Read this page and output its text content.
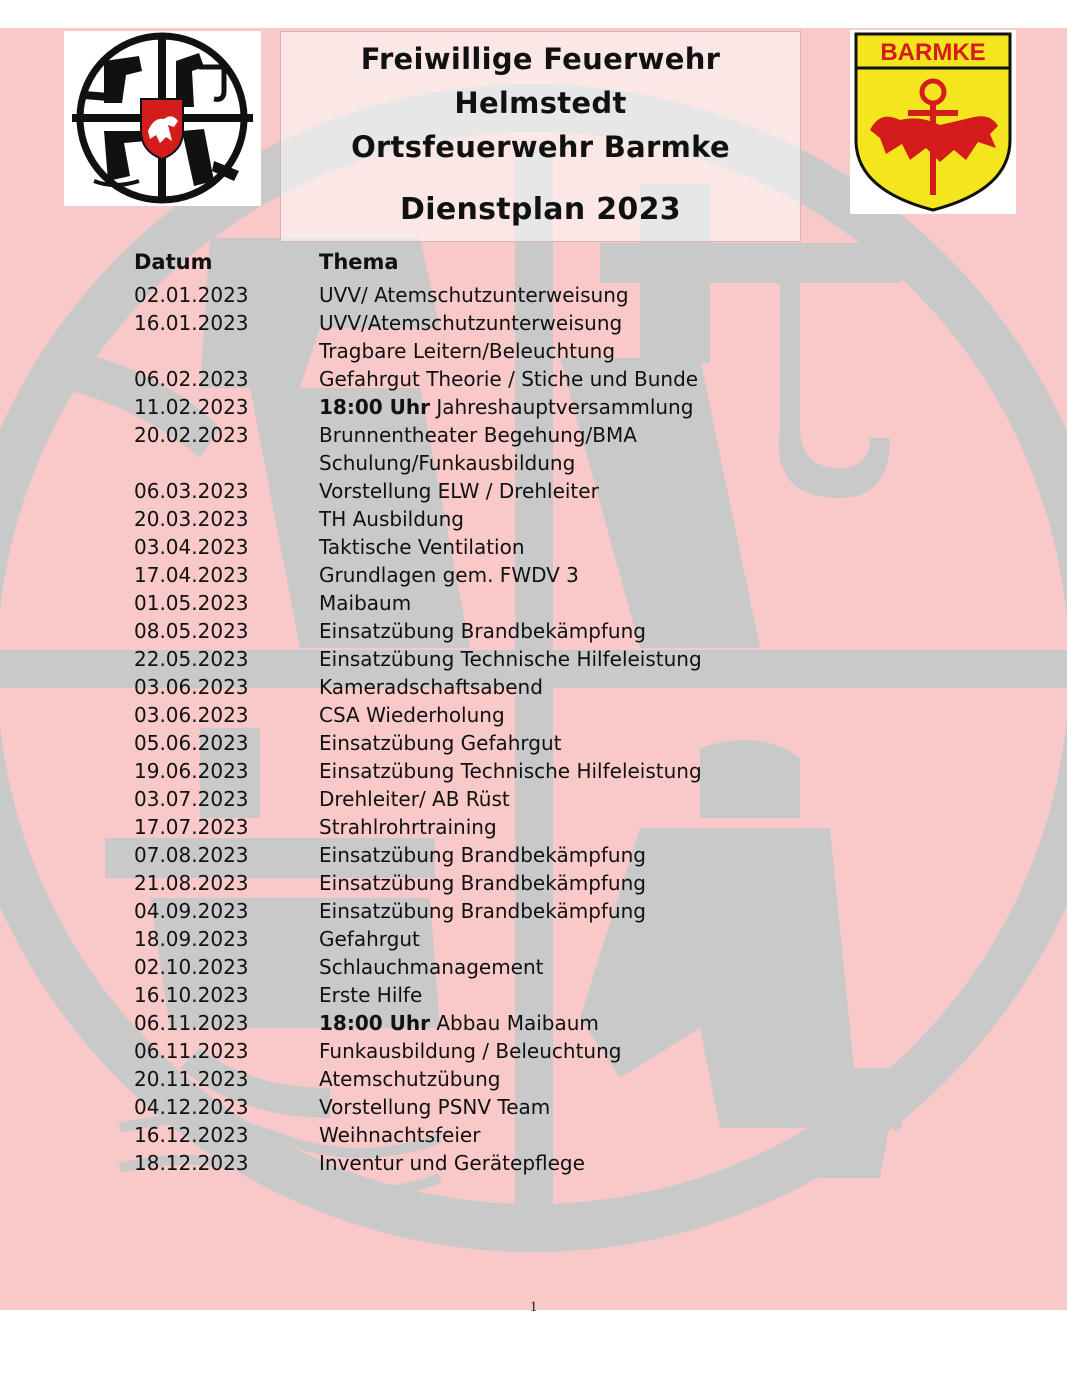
Freiwillige Feuerwehr
Helmstedt
Ortsfeuerwehr Barmke
Dienstplan 2023
BARMKE
Datum	Thema
02.01.2023	UVV/ Atemschutzunterweisung
16.01.2023	UVV/Atemschutzunterweisung
Tragbare Leitern/Beleuchtung
06.02.2023	Gefahrgut Theorie / Stiche und Bunde
11.02.2023	18:00 Uhr Jahreshauptversammlung
20.02.2023	Brunnentheater Begehung/BMA
Schulung/Funkausbildung
06.03.2023	Vorstellung ELW / Drehleiter
20.03.2023	TH Ausbildung
03.04.2023	Taktische Ventilation
17.04.2023	Grundlagen gem. FWDV 3
01.05.2023	Maibaum
08.05.2023	Einsatzübung Brandbekämpfung
22.05.2023	Einsatzübung Technische Hilfeleistung
03.06.2023	Kameradschaftsabend
03.06.2023	CSA Wiederholung
05.06.2023	Einsatzübung Gefahrgut
19.06.2023	Einsatzübung Technische Hilfeleistung
03.07.2023	Drehleiter/ AB Rüst
17.07.2023	Strahlrohrtraining
07.08.2023	Einsatzübung Brandbekämpfung
21.08.2023	Einsatzübung Brandbekämpfung
04.09.2023	Einsatzübung Brandbekämpfung
18.09.2023	Gefahrgut
02.10.2023	Schlauchmanagement
16.10.2023	Erste Hilfe
06.11.2023	18:00 Uhr Abbau Maibaum
06.11.2023	Funkausbildung / Beleuchtung
20.11.2023	Atemschutzübung
04.12.2023	Vorstellung PSNV Team
16.12.2023	Weihnachtsfeier
18.12.2023	Inventur und Gerätepflege
1
